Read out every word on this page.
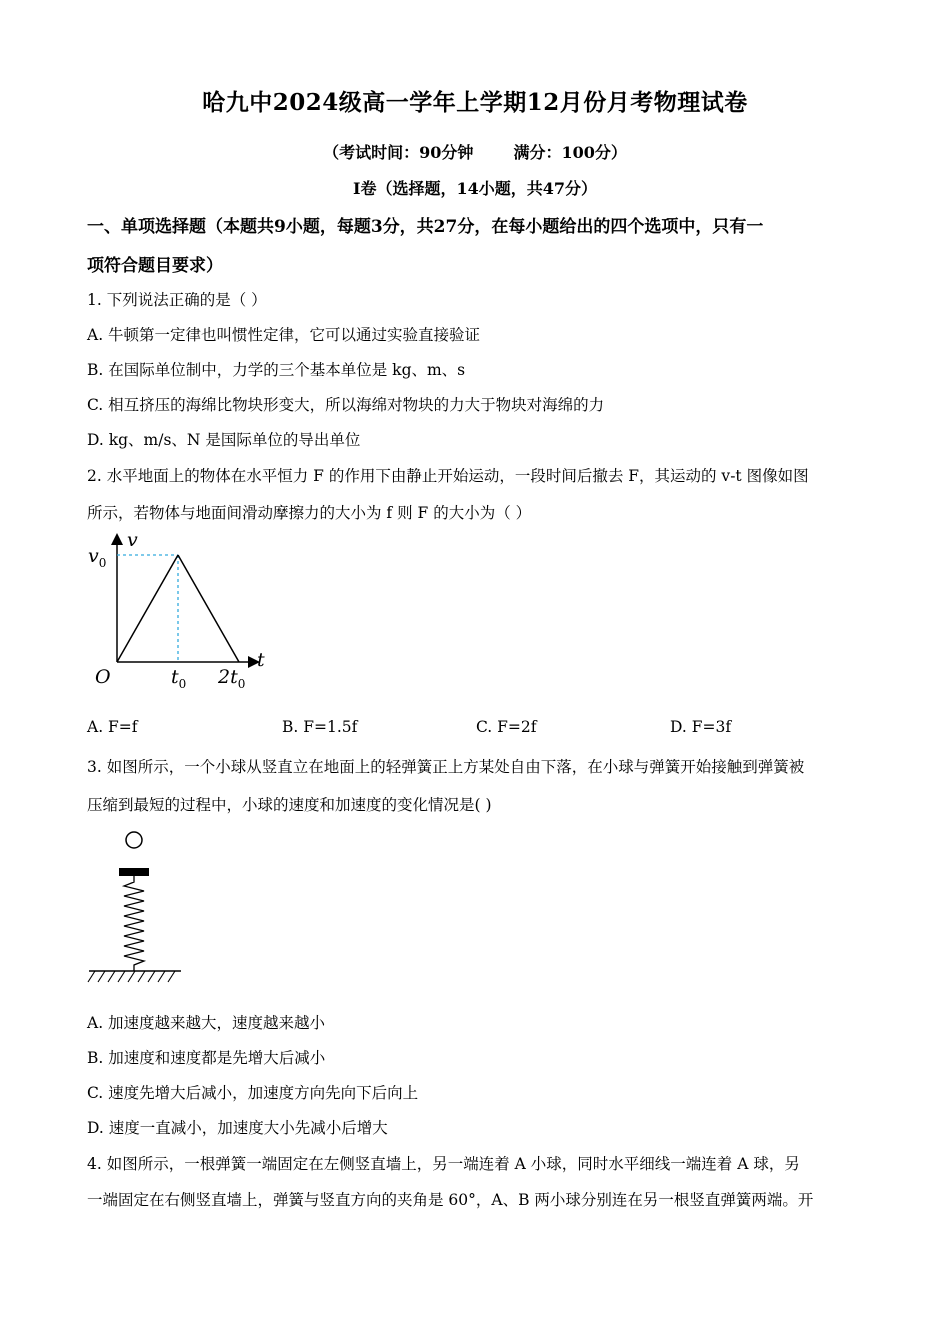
哈九中2024级高一学年上学期12月份月考物理试卷
（考试时间：90分钟	满分：100分）
I卷（选择题，14小题，共47分）
一、单项选择题（本题共9小题，每题3分，共27分，在每小题给出的四个选项中，只有一
项符合题目要求）
1. 下列说法正确的是（ ）
A. 牛顿第一定律也叫惯性定律，它可以通过实验直接验证
B. 在国际单位制中，力学的三个基本单位是 kg、m、s
C. 相互挤压的海绵比物块形变大，所以海绵对物块的力大于物块对海绵的力
D. kg、m/s、N 是国际单位的导出单位
2. 水平地面上的物体在水平恒力 F 的作用下由静止开始运动，一段时间后撤去 F，其运动的 v-t 图像如图
所示，若物体与地面间滑动摩擦力的大小为 f 则 F 的大小为（ ）
v
t
O
$v_0$
$t_0$ $2t_0$
A. F=f	B. F=1.5f	C. F=2f	D. F=3f
3. 如图所示，一个小球从竖直立在地面上的轻弹簧正上方某处自由下落，在小球与弹簧开始接触到弹簧被
压缩到最短的过程中，小球的速度和加速度的变化情况是( )
A. 加速度越来越大，速度越来越小
B. 加速度和速度都是先增大后减小
C. 速度先增大后减小，加速度方向先向下后向上
D. 速度一直减小，加速度大小先减小后增大
4. 如图所示，一根弹簧一端固定在左侧竖直墙上，另一端连着 A 小球，同时水平细线一端连着 A 球，另
一端固定在右侧竖直墙上，弹簧与竖直方向的夹角是 60°，A、B 两小球分别连在另一根竖直弹簧两端。开
